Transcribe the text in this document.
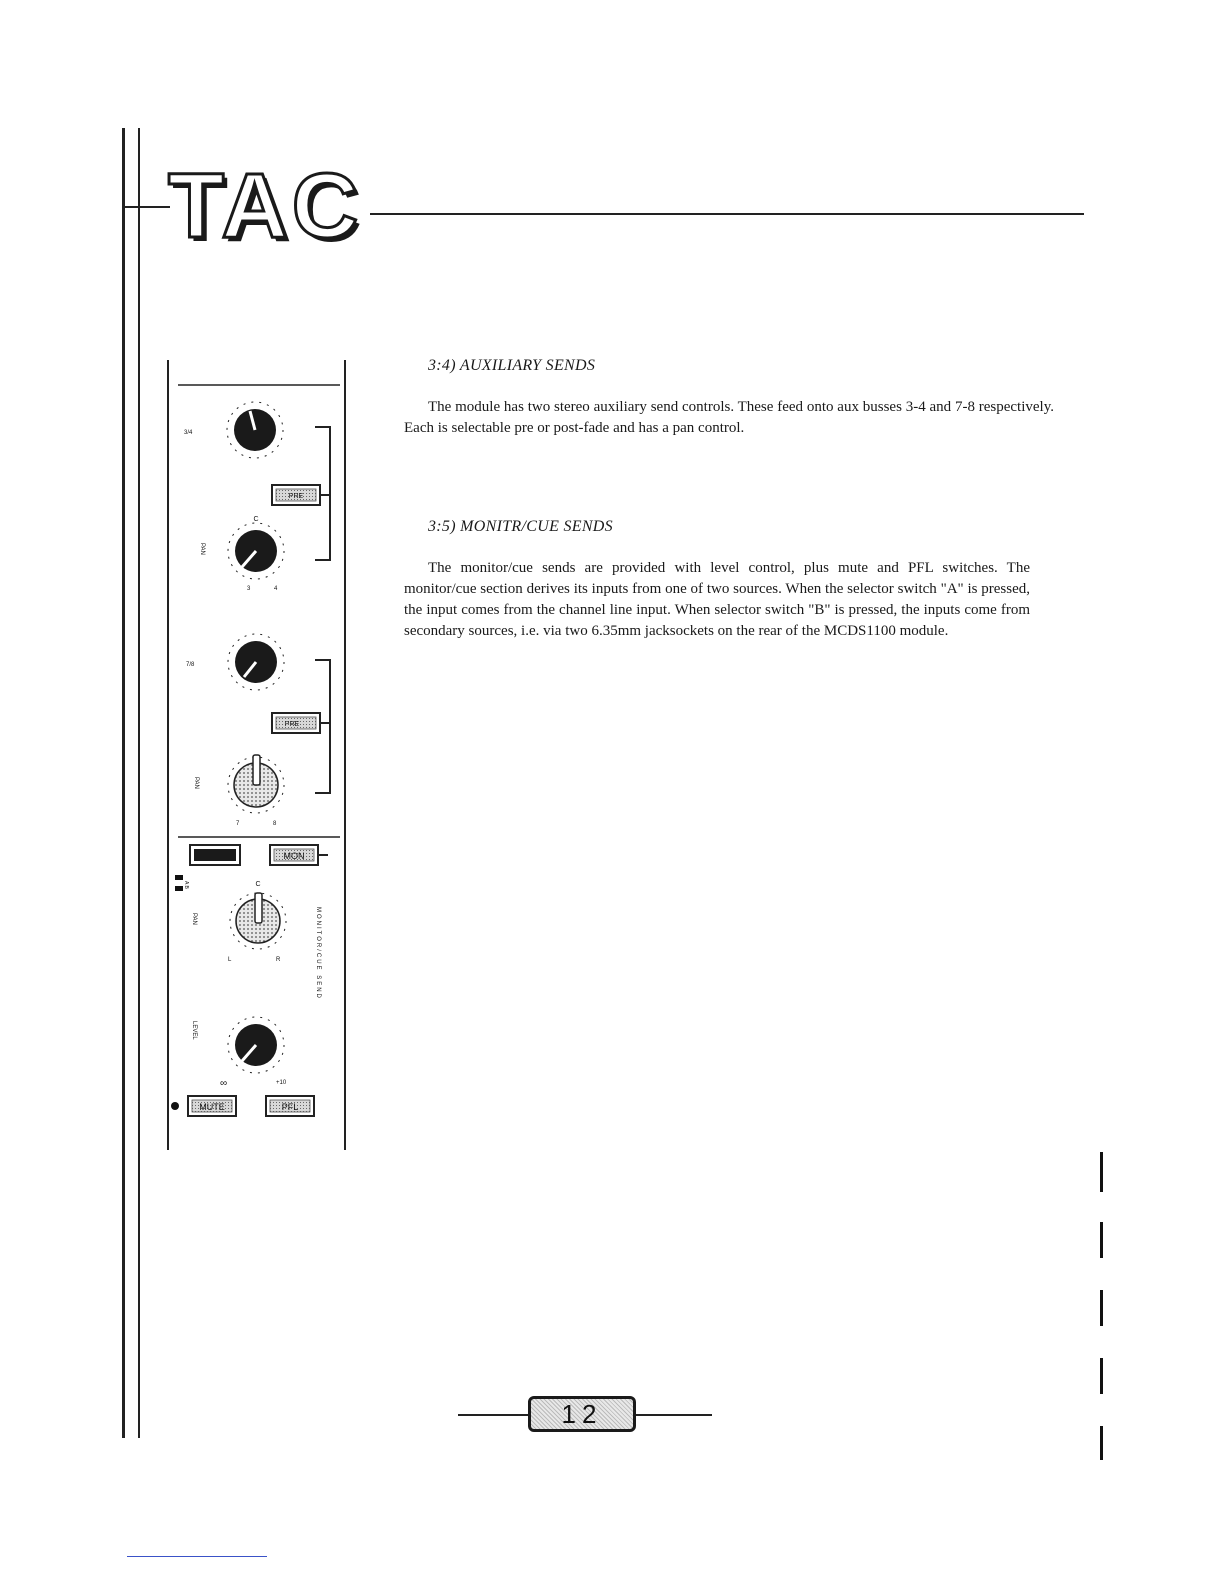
TAC
3:4) AUXILIARY SENDS

The module has two stereo auxiliary send controls. These feed onto aux busses 3-4 and 7-8 respectively. Each is selectable pre or post-fade and has a pan control.

3:5) MONITR/CUE SENDS

The monitor/cue sends are provided with level control, plus mute and PFL switches. The monitor/cue section derives its inputs from one of two sources. When the selector switch "A" is pressed, the input comes from the channel line input. When selector switch "B" is pressed, the inputs come from secondary sources, i.e. via two 6.35mm jacksockets on the rear of the MCDS1100 module.

3/4
PRE
C
PAN
3	4
7/8
PRE
PAN
7	8
MON
A B	C
PAN
L	R	MONITOR/CUE SEND
LEVEL
∞	+10
MUTE	PFL
12
